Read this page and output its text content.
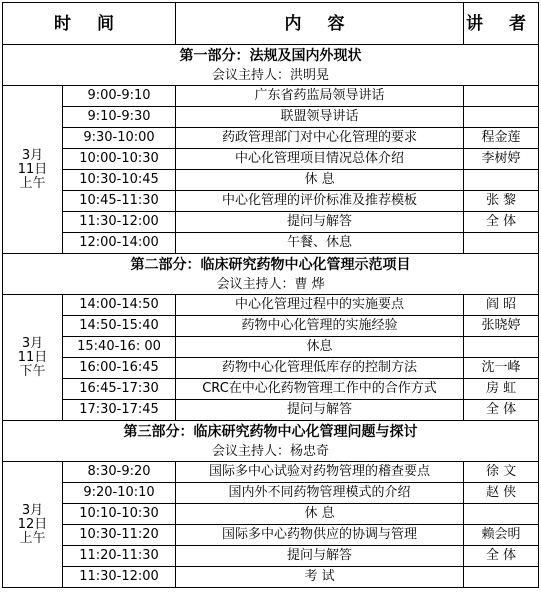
时 间		内 容	讲 者
第一部分：法规及国内外现状			
会议主持人：洪明晃			

3月
11日
上午	9:00-9:10	广东省药监局领导讲话	
	9:10-9:30	联盟领导讲话	
	9:30-10:00	药政管理部门对中心化管理的要求	程金莲
	10:00-10:30	中心化管理项目情况总体介绍	李树婷
	10:30-10:45	休 息	
	10:45-11:30	中心化管理的评价标准及推荐模板	张 黎
	11:30-12:00	提问与解答	全 体
	12:00-14:00	午餐、休息	
第二部分：临床研究药物中心化管理示范项目			
会议主持人：曹 烨			

3月
11日
下午	14:00-14:50	中心化管理过程中的实施要点	阎 昭
	14:50-15:40	药物中心化管理的实施经验	张晓婷
	15:40-16: 00	休息	
	16:00-16:45	药物中心化管理低库存的控制方法	沈一峰
	16:45-17:30	CRC在中心化药物管理工作中的合作方式	房 虹
	17:30-17:45	提问与解答	全 体
第三部分：临床研究药物中心化管理问题与探讨			
会议主持人：杨忠奇			

3月
12日
上午	8:30-9:20	国际多中心试验对药物管理的稽查要点	徐 文
	9:20-10:10	国内外不同药物管理模式的介绍	赵 侠
	10:10-10:30	休 息	
	10:30-11:20	国际多中心药物供应的协调与管理	赖会明
	11:20-11:30	提问与解答	全 体
	11:30-12:00	考 试	
